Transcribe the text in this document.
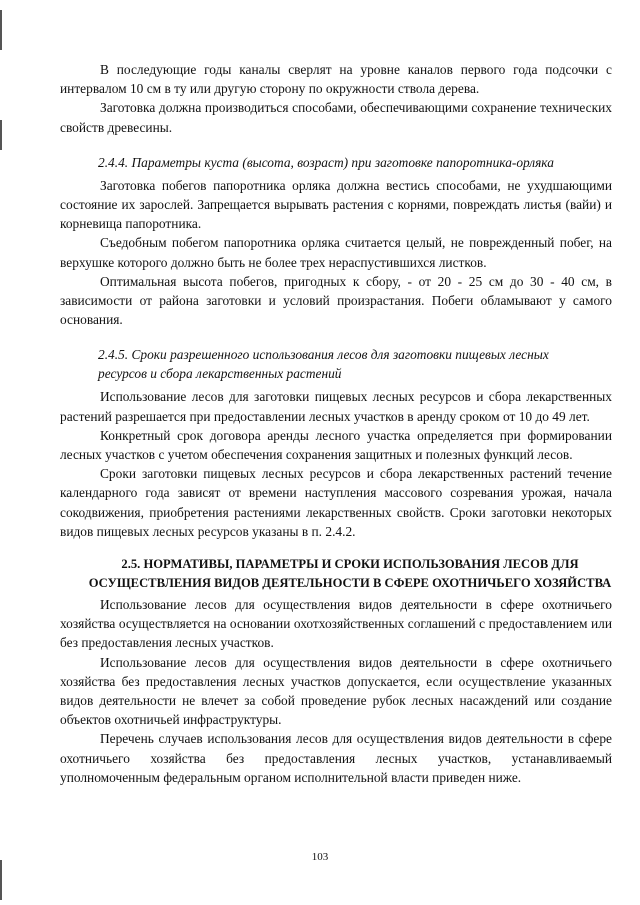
В последующие годы каналы сверлят на уровне каналов первого года подсочки с интервалом 10 см в ту или другую сторону по окружности ствола дерева.

Заготовка должна производиться способами, обеспечивающими сохранение технических свойств древесины.

2.4.4. Параметры куста (высота, возраст) при заготовке папоротника-орляка

Заготовка побегов папоротника орляка должна вестись способами, не ухудшающими состояние их зарослей. Запрещается вырывать растения с корнями, повреждать листья (вайи) и корневища папоротника.

Съедобным побегом папоротника орляка считается целый, не поврежденный побег, на верхушке которого должно быть не более трех нераспустившихся листков.

Оптимальная высота побегов, пригодных к сбору, - от 20 - 25 см до 30 - 40 см, в зависимости от района заготовки и условий произрастания. Побеги обламывают у самого основания.

2.4.5. Сроки разрешенного использования лесов для заготовки пищевых лесных ресурсов и сбора лекарственных растений

Использование лесов для заготовки пищевых лесных ресурсов и сбора лекарственных растений разрешается при предоставлении лесных участков в аренду сроком от 10 до 49 лет.

Конкретный срок договора аренды лесного участка определяется при формировании лесных участков с учетом обеспечения сохранения защитных и полезных функций лесов.

Сроки заготовки пищевых лесных ресурсов и сбора лекарственных растений течение календарного года зависят от времени наступления массового созревания урожая, начала сокодвижения, приобретения растениями лекарственных свойств. Сроки заготовки некоторых видов пищевых лесных ресурсов указаны в п. 2.4.2.

2.5. НОРМАТИВЫ, ПАРАМЕТРЫ И СРОКИ ИСПОЛЬЗОВАНИЯ ЛЕСОВ ДЛЯ

ОСУЩЕСТВЛЕНИЯ ВИДОВ ДЕЯТЕЛЬНОСТИ В СФЕРЕ ОХОТНИЧЬЕГО ХОЗЯЙСТВА

Использование лесов для осуществления видов деятельности в сфере охотничьего хозяйства осуществляется на основании охотхозяйственных соглашений с предоставлением или без предоставления лесных участков.

Использование лесов для осуществления видов деятельности в сфере охотничьего хозяйства без предоставления лесных участков допускается, если осуществление указанных видов деятельности не влечет за собой проведение рубок лесных насаждений или создание объектов охотничьей инфраструктуры.

Перечень случаев использования лесов для осуществления видов деятельности в сфере охотничьего хозяйства без предоставления лесных участков, устанавливаемый уполномоченным федеральным органом исполнительной власти приведен ниже.

103
